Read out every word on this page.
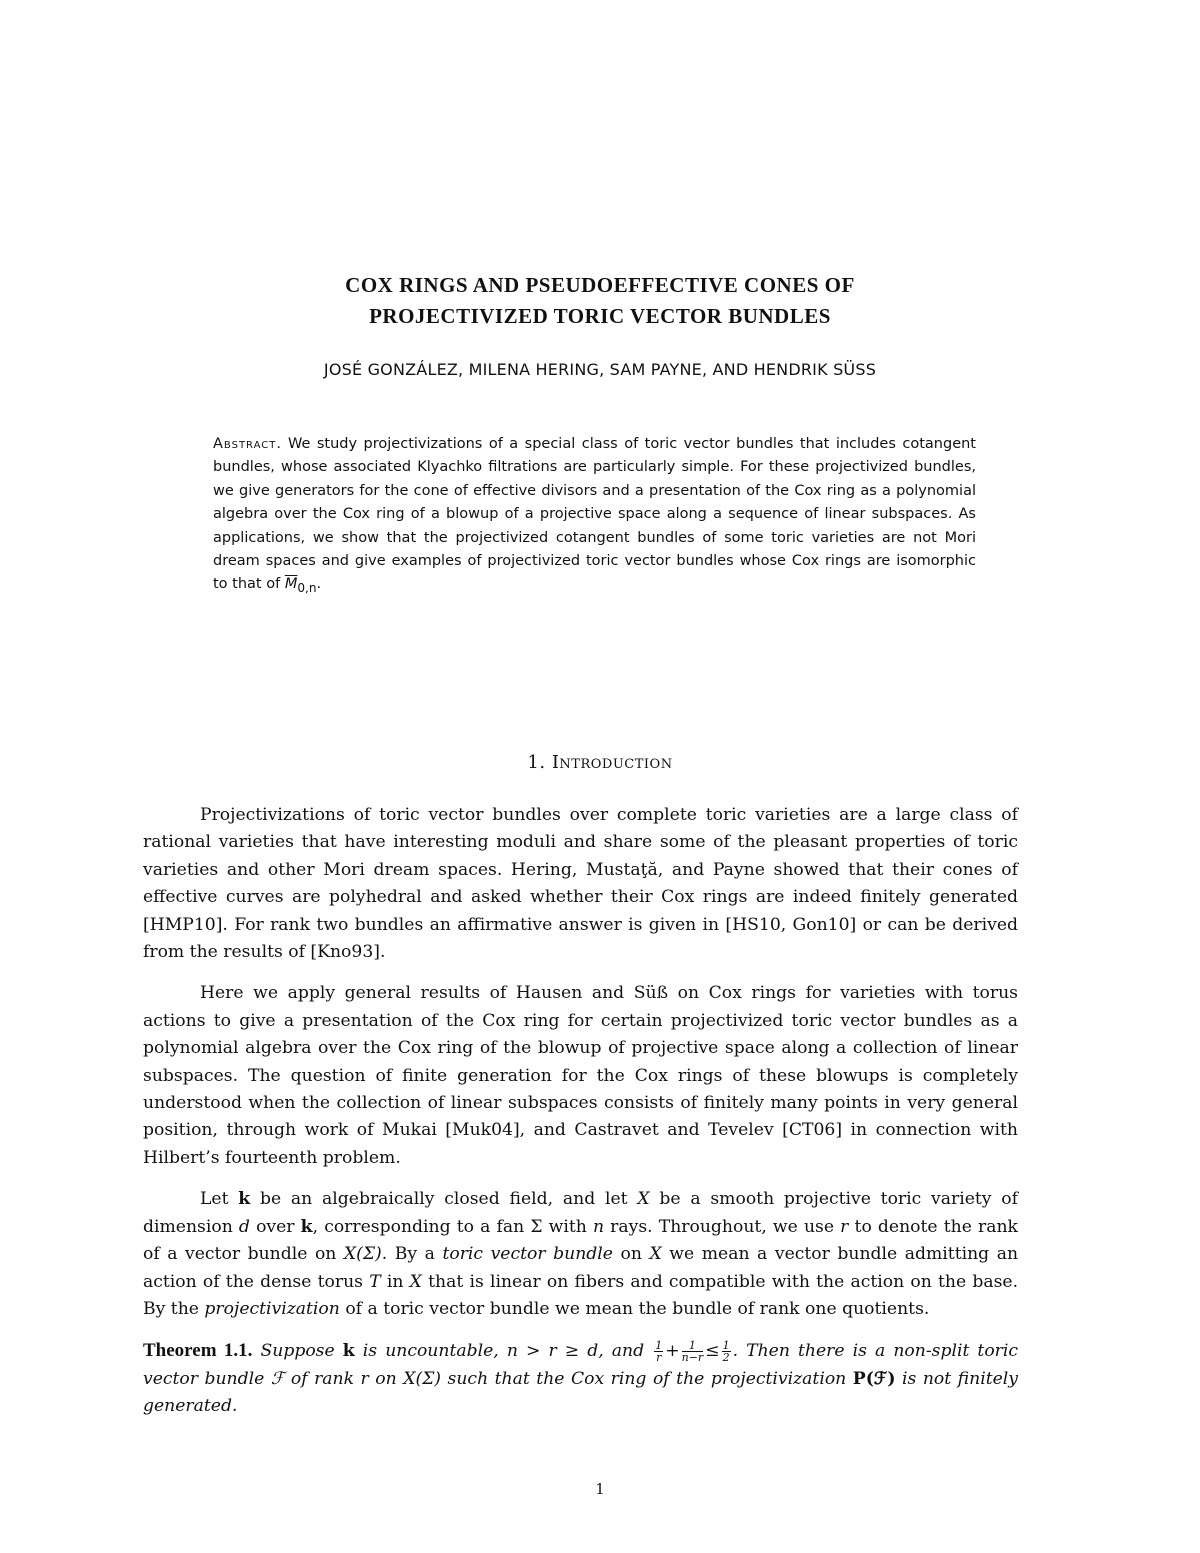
COX RINGS AND PSEUDOEFFECTIVE CONES OF
PROJECTIVIZED TORIC VECTOR BUNDLES
JOSÉ GONZÁLEZ, MILENA HERING, SAM PAYNE, AND HENDRIK SÜSS
Abstract. We study projectivizations of a special class of toric vector bundles that includes cotangent bundles, whose associated Klyachko filtrations are particularly simple. For these projectivized bundles, we give generators for the cone of effective divisors and a presentation of the Cox ring as a polynomial algebra over the Cox ring of a blowup of a projective space along a sequence of linear subspaces. As applications, we show that the projectivized cotangent bundles of some toric varieties are not Mori dream spaces and give examples of projectivized toric vector bundles whose Cox rings are isomorphic to that of $\overline{M}_{0,n}$.
1. Introduction

Projectivizations of toric vector bundles over complete toric varieties are a large class of rational varieties that have interesting moduli and share some of the pleasant properties of toric varieties and other Mori dream spaces. Hering, Mustaţă, and Payne showed that their cones of effective curves are polyhedral and asked whether their Cox rings are indeed finitely generated [HMP10]. For rank two bundles an affirmative answer is given in [HS10, Gon10] or can be derived from the results of [Kno93].

Here we apply general results of Hausen and Süß on Cox rings for varieties with torus actions to give a presentation of the Cox ring for certain projectivized toric vector bundles as a polynomial algebra over the Cox ring of the blowup of projective space along a collection of linear subspaces. The question of finite generation for the Cox rings of these blowups is completely understood when the collection of linear subspaces consists of finitely many points in very general position, through work of Mukai [Muk04], and Castravet and Tevelev [CT06] in connection with Hilbert’s fourteenth problem.

Let k be an algebraically closed field, and let X be a smooth projective toric variety of dimension d over k, corresponding to a fan Σ with n rays. Throughout, we use r to denote the rank of a vector bundle on X(Σ). By a toric vector bundle on X we mean a vector bundle admitting an action of the dense torus T in X that is linear on fibers and compatible with the action on the base. By the projectivization of a toric vector bundle we mean the bundle of rank one quotients.

Theorem 1.1. Suppose k is uncountable, n > r ≥ d, and $\frac{1}{r} + \frac{1}{n-r} \le \frac{1}{2}$ . Then there is a non-split toric vector bundle ℱ of rank r on X(Σ) such that the Cox ring of the projectivization P(ℱ) is not finitely generated.

1
